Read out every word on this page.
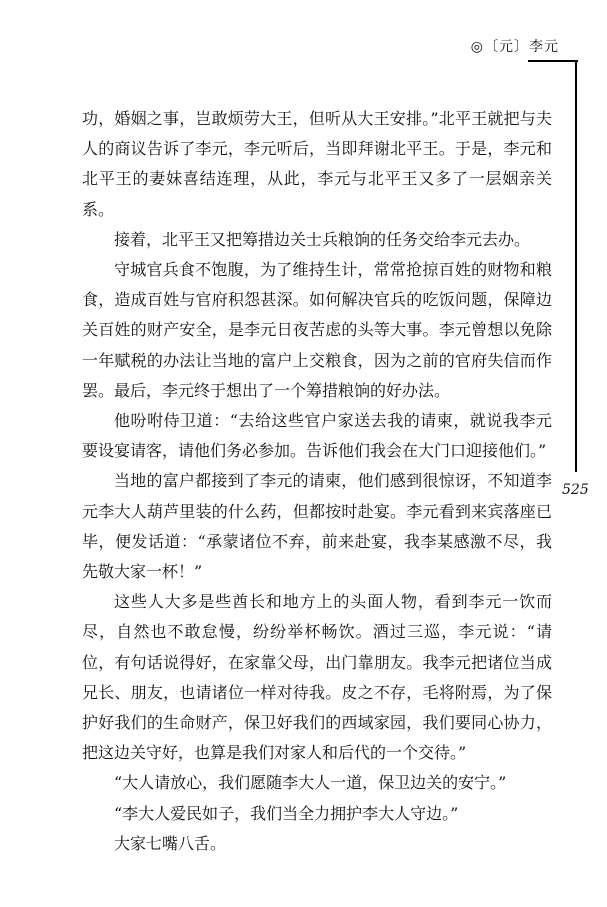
◎〔元〕李元
525

功，婚姻之事，岂敢烦劳大王，但听从大王安排。”北平王就把与夫人的商议告诉了李元，李元听后，当即拜谢北平王。于是，李元和北平王的妻妹喜结连理，从此，李元与北平王又多了一层姻亲关系。

接着，北平王又把筹措边关士兵粮饷的任务交给李元去办。

守城官兵食不饱腹，为了维持生计，常常抢掠百姓的财物和粮食，造成百姓与官府积怨甚深。如何解决官兵的吃饭问题，保障边关百姓的财产安全，是李元日夜苦虑的头等大事。李元曾想以免除一年赋税的办法让当地的富户上交粮食，因为之前的官府失信而作罢。最后，李元终于想出了一个筹措粮饷的好办法。

他吩咐侍卫道：“去给这些官户家送去我的请柬，就说我李元要设宴请客，请他们务必参加。告诉他们我会在大门口迎接他们。”

当地的富户都接到了李元的请柬，他们感到很惊讶，不知道李元李大人葫芦里装的什么药，但都按时赴宴。李元看到来宾落座已毕，便发话道：“承蒙诸位不弃，前来赴宴，我李某感激不尽，我先敬大家一杯！”

这些人大多是些酋长和地方上的头面人物，看到李元一饮而尽，自然也不敢怠慢，纷纷举杯畅饮。酒过三巡，李元说：“请位，有句话说得好，在家靠父母，出门靠朋友。我李元把诸位当成兄长、朋友，也请诸位一样对待我。皮之不存，毛将附焉，为了保护好我们的生命财产，保卫好我们的西域家园，我们要同心协力，把这边关守好，也算是我们对家人和后代的一个交待。”

“大人请放心，我们愿随李大人一道，保卫边关的安宁。”

“李大人爱民如子，我们当全力拥护李大人守边。”

大家七嘴八舌。
